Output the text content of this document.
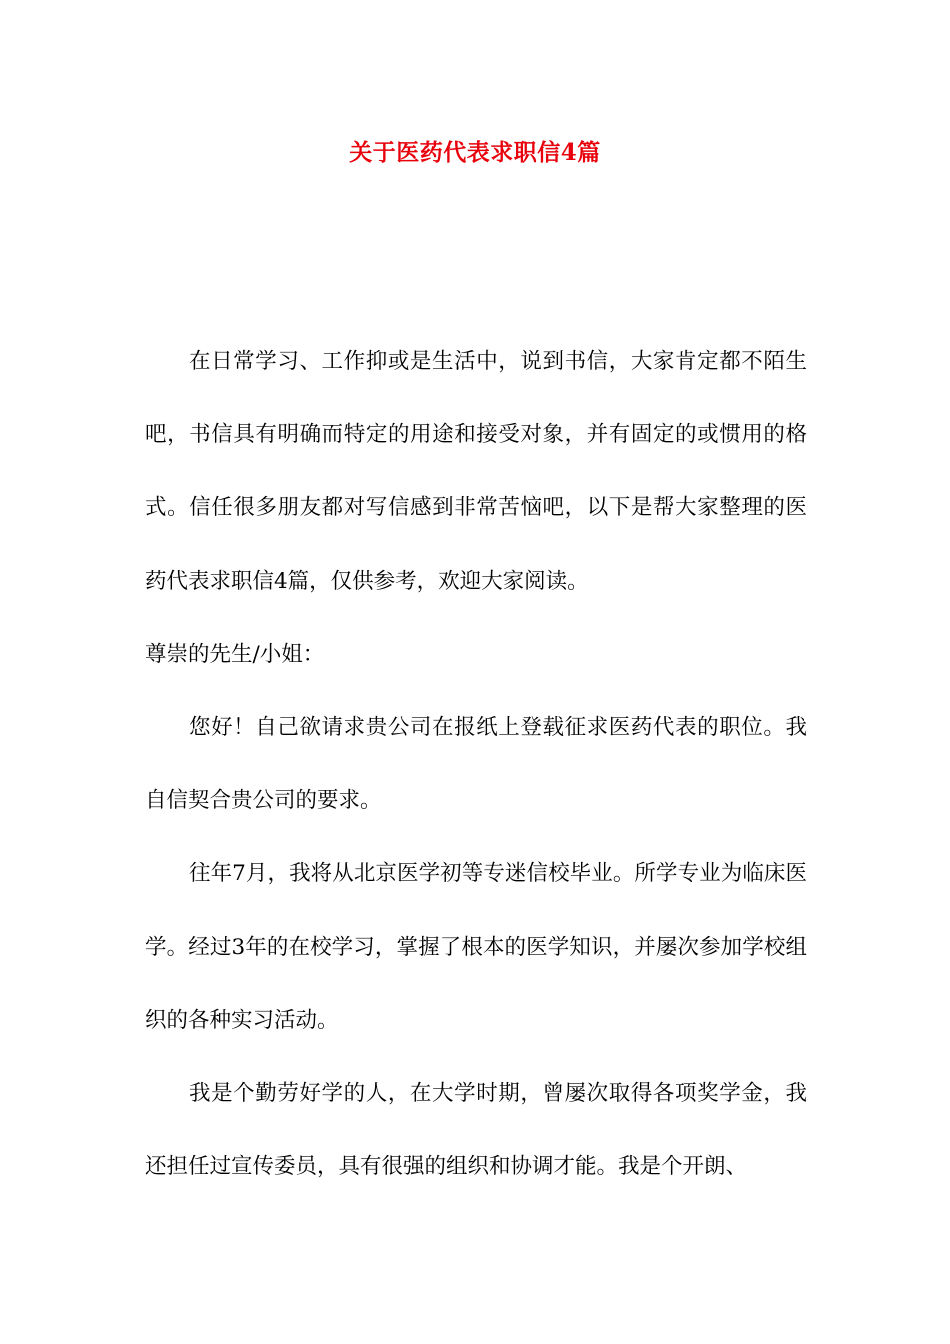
关于医药代表求职信4篇

在日常学习、工作抑或是生活中，说到书信，大家肯定都不陌生吧，书信具有明确而特定的用途和接受对象，并有固定的或惯用的格式。信任很多朋友都对写信感到非常苦恼吧，以下是帮大家整理的医药代表求职信4篇，仅供参考，欢迎大家阅读。

尊崇的先生/小姐：

您好！自己欲请求贵公司在报纸上登载征求医药代表的职位。我自信契合贵公司的要求。

往年7月，我将从北京医学初等专迷信校毕业。所学专业为临床医学。经过3年的在校学习，掌握了根本的医学知识，并屡次参加学校组织的各种实习活动。

我是个勤劳好学的人，在大学时期，曾屡次取得各项奖学金，我还担任过宣传委员，具有很强的组织和协调才能。我是个开朗、
